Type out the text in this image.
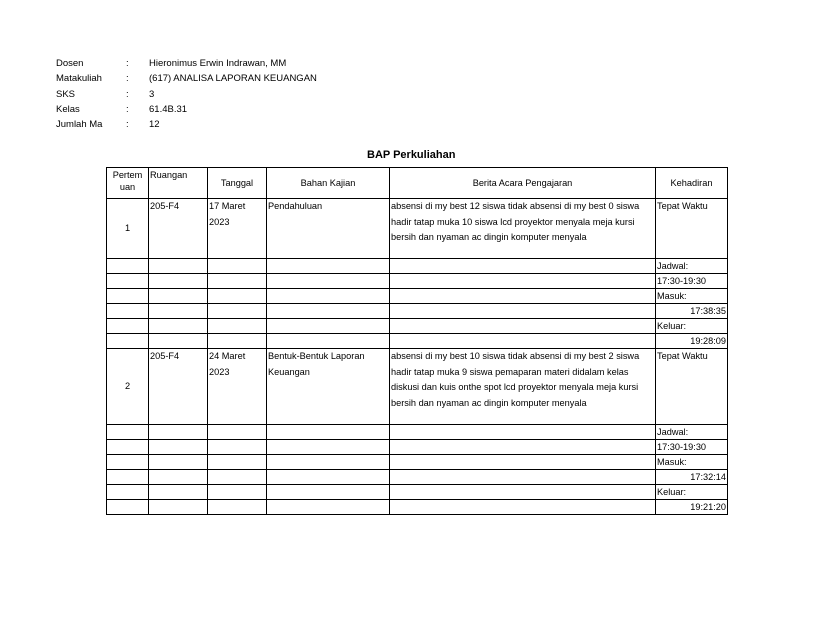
Dosen	:	Hieronimus Erwin Indrawan, MM
Matakuliah	:	(617) ANALISA LAPORAN KEUANGAN
SKS	:	3
Kelas	:	61.4B.31
Jumlah Ma	:	12
BAP Perkuliahan
Pertem uan	Ruangan	Tanggal	Bahan Kajian	Berita Acara Pengajaran	Kehadiran
1	205-F4	17 Maret 2023	Pendahuluan	absensi di my best 12 siswa tidak absensi di my best 0 siswa hadir tatap muka 10 siswa lcd proyektor menyala meja kursi bersih dan nyaman ac dingin komputer menyala	Tepat Waktu
					Jadwal:
					17:30-19:30
					Masuk:
					17:38:35
					Keluar:
					19:28:09
2	205-F4	24 Maret 2023	Bentuk-Bentuk Laporan Keuangan	absensi di my best 10 siswa tidak absensi di my best 2 siswa hadir tatap muka 9 siswa pemaparan materi didalam kelas diskusi dan kuis onthe spot lcd proyektor menyala meja kursi bersih dan nyaman ac dingin komputer menyala	Tepat Waktu
					Jadwal:
					17:30-19:30
					Masuk:
					17:32:14
					Keluar:
					19:21:20
